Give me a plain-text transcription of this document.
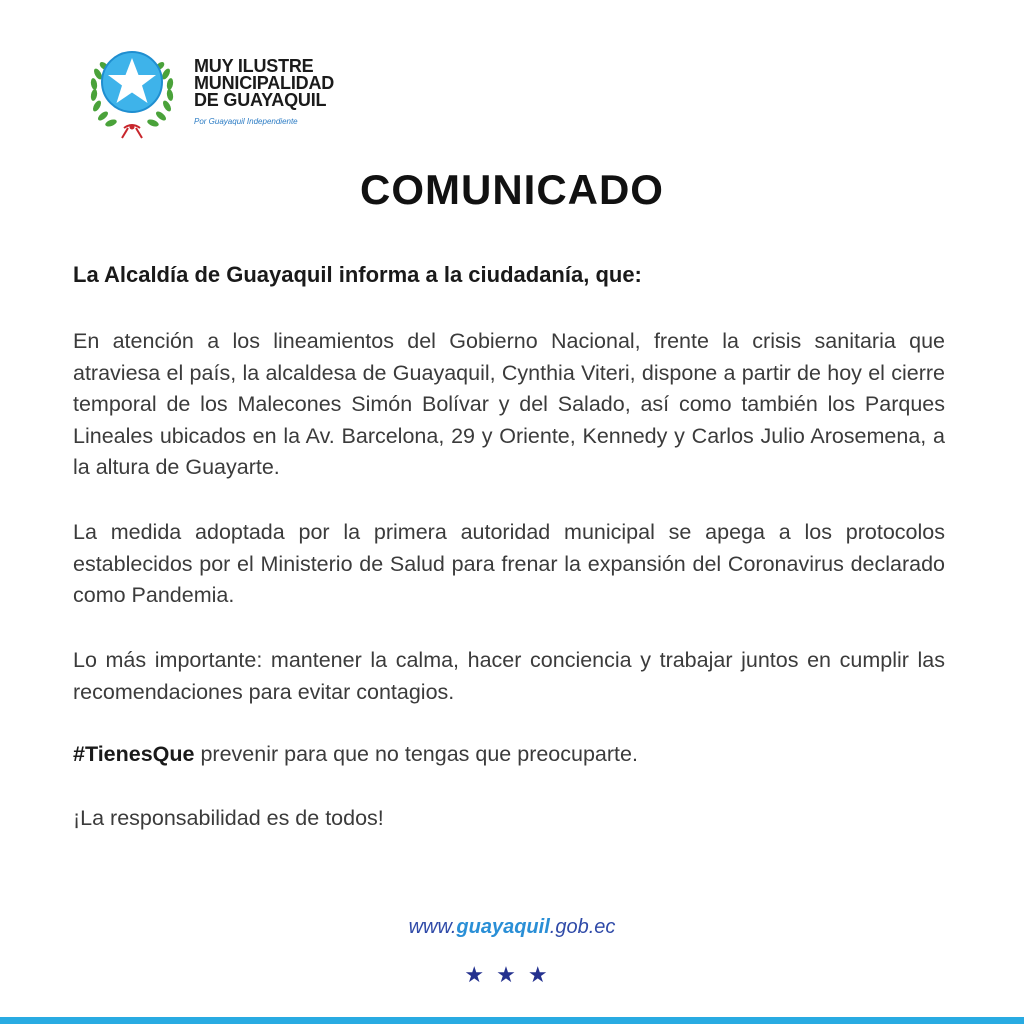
MUY ILUSTRE
MUNICIPALIDAD
DE GUAYAQUIL
Por Guayaquil Independiente
COMUNICADO
La Alcaldía de Guayaquil informa a la ciudadanía, que:
En atención a los lineamientos del Gobierno Nacional, frente la crisis sanitaria que atraviesa el país, la alcaldesa de Guayaquil, Cynthia Viteri, dispone a partir de hoy el cierre temporal de los Malecones Simón Bolívar y del Salado, así como también los Parques Lineales ubicados en la Av. Barcelona, 29 y Oriente, Kennedy y Carlos Julio Arosemena, a la altura de Guayarte.
La medida adoptada por la primera autoridad municipal se apega a los protocolos establecidos por el Ministerio de Salud para frenar la expansión del Coronavirus declarado como Pandemia.
Lo más importante: mantener la calma, hacer conciencia y trabajar juntos en cumplir las recomendaciones para evitar contagios.
#TienesQue prevenir para que no tengas que preocuparte.
¡La responsabilidad es de todos!
www.guayaquil.gob.ec
★★★
